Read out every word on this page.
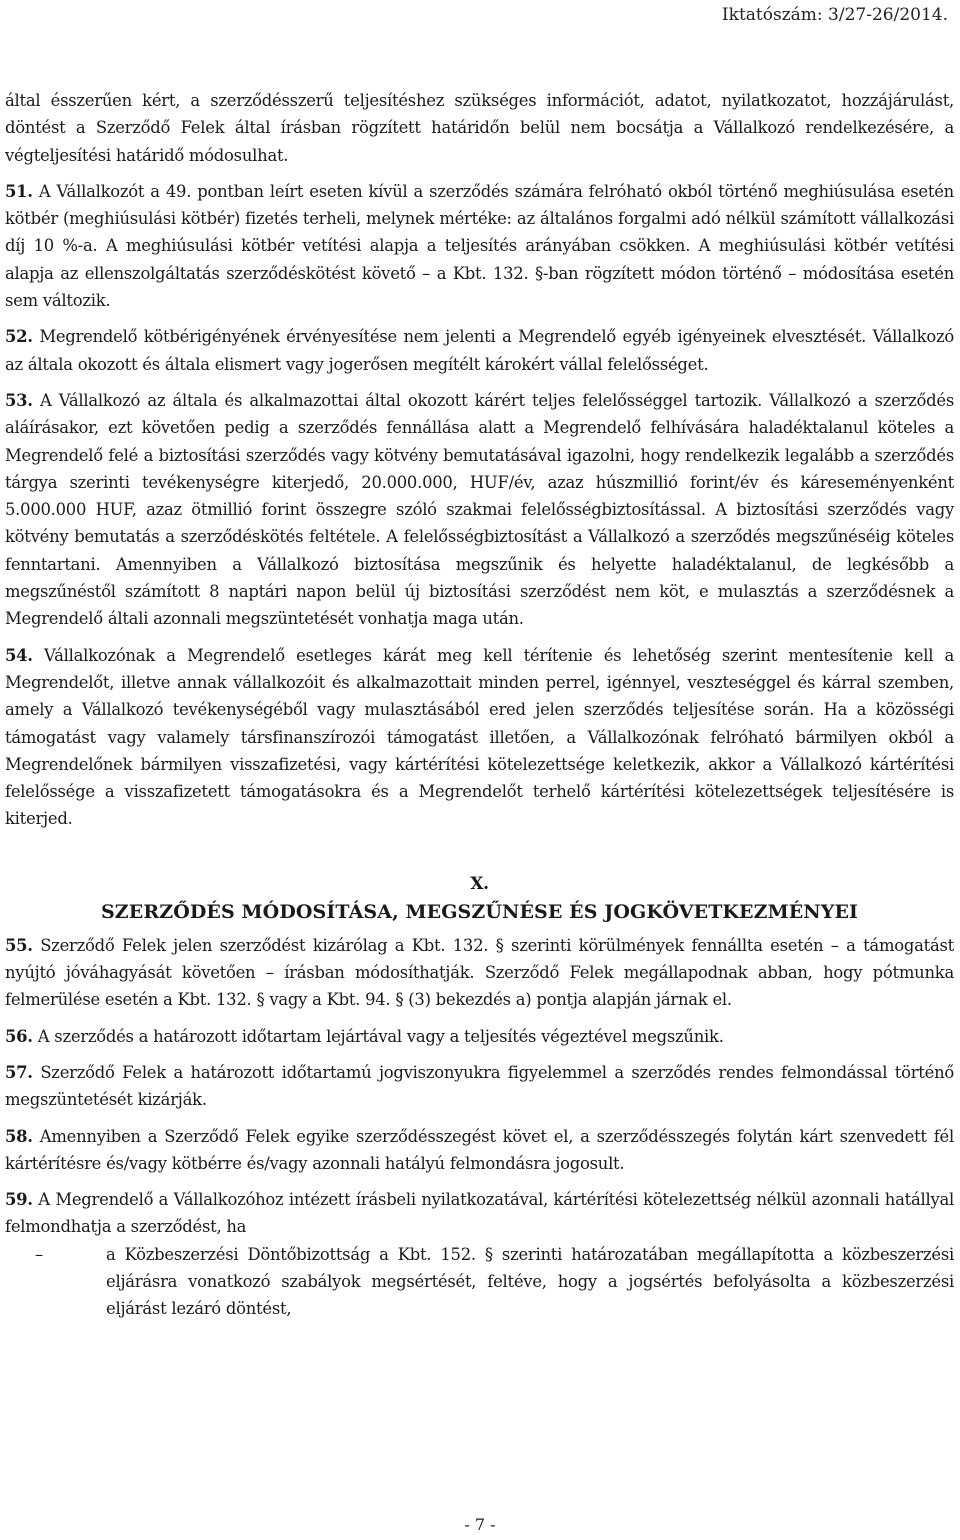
Iktatószám: 3/27-26/2014.

által ésszerűen kért, a szerződésszerű teljesítéshez szükséges információt, adatot, nyilatkozatot, hozzájárulást, döntést a Szerződő Felek által írásban rögzített határidőn belül nem bocsátja a Vállalkozó rendelkezésére, a végteljesítési határidő módosulhat.

51. A Vállalkozót a 49. pontban leírt eseten kívül a szerződés számára felróható okból történő meghiúsulása esetén kötbér (meghiúsulási kötbér) fizetés terheli, melynek mértéke: az általános forgalmi adó nélkül számított vállalkozási díj 10 %-a. A meghiúsulási kötbér vetítési alapja a teljesítés arányában csökken. A meghiúsulási kötbér vetítési alapja az ellenszolgáltatás szerződéskötést követő – a Kbt. 132. §-ban rögzített módon történő – módosítása esetén sem változik.

52. Megrendelő kötbérigényének érvényesítése nem jelenti a Megrendelő egyéb igényeinek elvesztését. Vállalkozó az általa okozott és általa elismert vagy jogerősen megítélt károkért vállal felelősséget.

53. A Vállalkozó az általa és alkalmazottai által okozott kárért teljes felelősséggel tartozik. Vállalkozó a szerződés aláírásakor, ezt követően pedig a szerződés fennállása alatt a Megrendelő felhívására haladéktalanul köteles a Megrendelő felé a biztosítási szerződés vagy kötvény bemutatásával igazolni, hogy rendelkezik legalább a szerződés tárgya szerinti tevékenységre kiterjedő, 20.000.000, HUF/év, azaz húszmillió forint/év és káreseményenként 5.000.000 HUF, azaz ötmillió forint összegre szóló szakmai felelősségbiztosítással. A biztosítási szerződés vagy kötvény bemutatás a szerződéskötés feltétele. A felelősségbiztosítást a Vállalkozó a szerződés megszűnéséig köteles fenntartani. Amennyiben a Vállalkozó biztosítása megszűnik és helyette haladéktalanul, de legkésőbb a megszűnéstől számított 8 naptári napon belül új biztosítási szerződést nem köt, e mulasztás a szerződésnek a Megrendelő általi azonnali megszüntetését vonhatja maga után.

54. Vállalkozónak a Megrendelő esetleges kárát meg kell térítenie és lehetőség szerint mentesítenie kell a Megrendelőt, illetve annak vállalkozóit és alkalmazottait minden perrel, igénnyel, veszteséggel és kárral szemben, amely a Vállalkozó tevékenységéből vagy mulasztásából ered jelen szerződés teljesítése során. Ha a közösségi támogatást vagy valamely társfinanszírozói támogatást illetően, a Vállalkozónak felróható bármilyen okból a Megrendelőnek bármilyen visszafizetési, vagy kártérítési kötelezettsége keletkezik, akkor a Vállalkozó kártérítési felelőssége a visszafizetett támogatásokra és a Megrendelőt terhelő kártérítési kötelezettségek teljesítésére is kiterjed.

X.
SZERZŐDÉS MÓDOSÍTÁSA, MEGSZŰNÉSE ÉS JOGKÖVETKEZMÉNYEI

55. Szerződő Felek jelen szerződést kizárólag a Kbt. 132. § szerinti körülmények fennállta esetén – a támogatást nyújtó jóváhagyását követően – írásban módosíthatják. Szerződő Felek megállapodnak abban, hogy pótmunka felmerülése esetén a Kbt. 132. § vagy a Kbt. 94. § (3) bekezdés a) pontja alapján járnak el.

56. A szerződés a határozott időtartam lejártával vagy a teljesítés végeztével megszűnik.

57. Szerződő Felek a határozott időtartamú jogviszonyukra figyelemmel a szerződés rendes felmondással történő megszüntetését kizárják.

58. Amennyiben a Szerződő Felek egyike szerződésszegést követ el, a szerződésszegés folytán kárt szenvedett fél kártérítésre és/vagy kötbérre és/vagy azonnali hatályú felmondásra jogosult.

59. A Megrendelő a Vállalkozóhoz intézett írásbeli nyilatkozatával, kártérítési kötelezettség nélkül azonnali hatállyal felmondhatja a szerződést, ha

–	a Közbeszerzési Döntőbizottság a Kbt. 152. § szerinti határozatában megállapította a közbeszerzési eljárásra vonatkozó szabályok megsértését, feltéve, hogy a jogsértés befolyásolta a közbeszerzési eljárást lezáró döntést,
- 7 -
